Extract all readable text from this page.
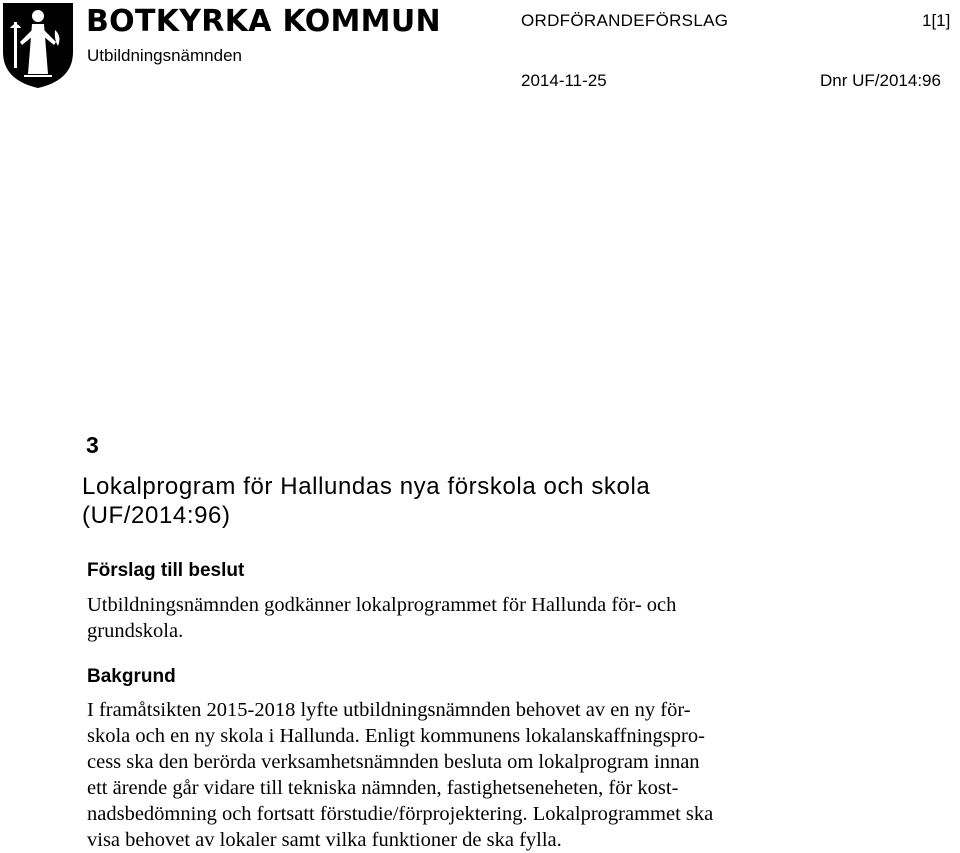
BOTKYRKA KOMMUN
Utbildningsnämnden
ORDFÖRANDEFÖRSLAG	1[1]
2014-11-25	Dnr UF/2014:96
3
Lokalprogram för Hallundas nya förskola och skola
(UF/2014:96)
Förslag till beslut
Utbildningsnämnden godkänner lokalprogrammet för Hallunda för- och
grundskola.
Bakgrund
I framåtsikten 2015-2018 lyfte utbildningsnämnden behovet av en ny för-
skola och en ny skola i Hallunda. Enligt kommunens lokalanskaffningspro-
cess ska den berörda verksamhetsnämnden besluta om lokalprogram innan
ett ärende går vidare till tekniska nämnden, fastighetseneheten, för kost-
nadsbedömning och fortsatt förstudie/förprojektering. Lokalprogrammet ska
visa behovet av lokaler samt vilka funktioner de ska fylla.
